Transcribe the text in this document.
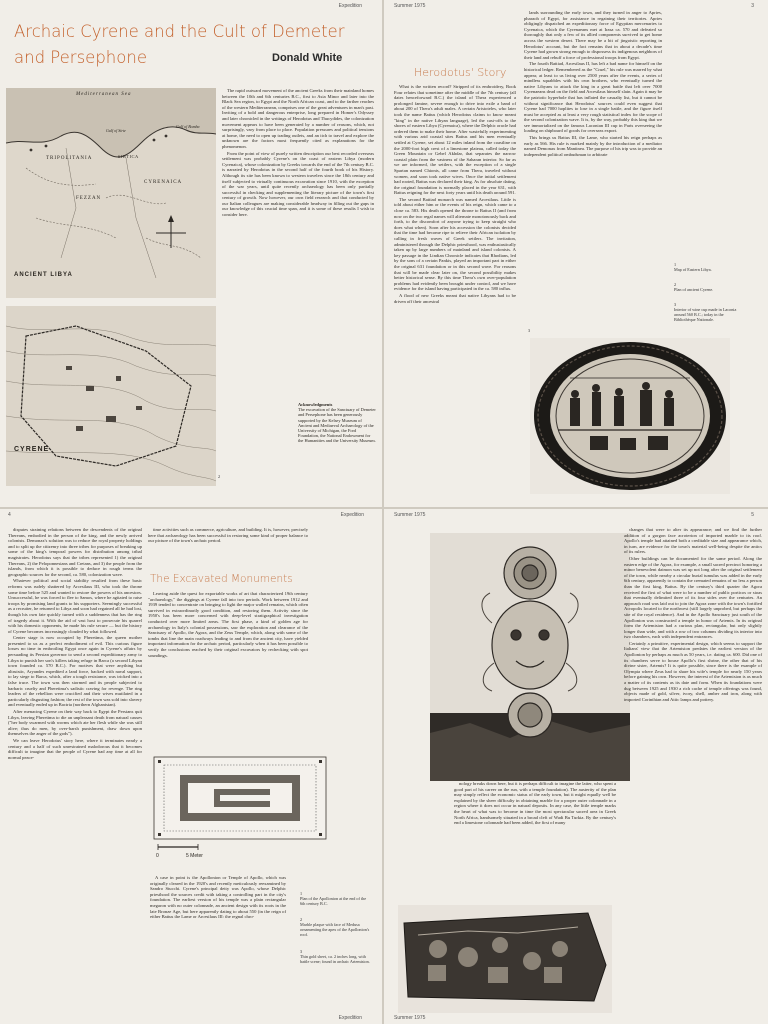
Expedition
Archaic Cyrene and the Cult of Demeter
and Persephone	Donald White
Mediterranean Sea
Gulf of Sirte
Gulf of Bomba
TRIPOLITANIA	SIRTICA
CYRENAICA
FEZZAN
ANCIENT LIBYA
CYRENE

The rapid outward movement of the ancient Greeks from their mainland homes between the 10th and 6th centuries B.C., first to Asia Minor and later into the Black Sea region, to Egypt and the North African coast, and to the farther reaches of the western Mediterranean, comprises one of the great adventures in man's past. Inviting of a bold and dangerous enterprise, long prepared in Homer's Odyssey and later chronicled in the writings of Herodotus and Thucydides, the colonization movement appears to have been generated by a number of reasons, which, not surprisingly, vary from place to place. Population pressures and political tensions at home, the need to open up trading outlets, and an itch to travel and explore the unknown are the factors most frequently cited as explanations for the phenomenon.

From the point of view of purely written description our best recorded overseas settlement was probably Cyrene's on the coast of eastern Libya (modern Cyrenaica), whose colonization by Greeks towards the end of the 7th century B.C. is narrated by Herodotus in the second half of the fourth book of his History. Although its site has been known to western travelers since the 18th century and itself subjected to virtually continuous excavation since 1910, with the exception of the war years, until quite recently archaeology has been only partially successful in checking and supplementing the literary picture of the town's first century of growth. Now however, our own field research and that conducted by our Italian colleagues are making considerable headway in filling out the gaps in our knowledge of this crucial time span, and it is some of these results I wish to consider here.

Acknowledgments
The excavation of the Sanctuary of Demeter and Persephone has been generously supported by the Kelsey Museum of Ancient and Mediaeval Archaeology of the University of Michigan, the Ford Foundation, the National Endowment for the Humanities and the University Museum.
2
Summer 1975	3
Herodotus' Story

What is the written record? Stripped of its embroidery, Book Four relates that sometime after the middle of the 7th century (all dates henceforward B.C.) the island of Thera experienced a prolonged famine, severe enough to drive into exile a band of about 200 of Thera's adult males. A certain Aristoteles, who later took the name Battus (which Herodotus claims to know meant "king" in the native Libyan language), led the cast-offs to the shores of eastern Libya (Cyrenaica), where the Delphic oracle had ordered them to make their home. After wastefully experimenting with various arid coastal sites Battus and his men eventually settled at Cyrene, set about 12 miles inland from the coastline on the 2000-foot high crest of a limestone plateau, called today the Green Mountain or Gebel Akhdar, that separates the narrow coastal plain from the vastness of the Saharan interior. So far as we are informed, the settlers, with the exception of a single Spartan named Chionis, all came from Thera, traveled without women, and soon took native wives. Once the initial settlement had rooted, Battus was declared their king. As for absolute dating, the original foundation is normally placed in the year 631, with Battus reigning for the next forty years until his death around 591.

The second Battiad monarch was named Arcesilaus. Little is told about either him or the events of his reign, which came to a close ca. 583. His death opened the throne to Battus II (and from now on the two regal names will alternate monotonously back and forth, to the discomfort of anyone trying to keep straight who does what when). Soon after his accession the colonists decided that the time had become ripe to relieve their African isolation by calling in fresh waves of Greek settlers. The invitation, administered through the Delphic priesthood, was enthusiastically taken up by large numbers of mainland and island colonists. A key passage in the Lindian Chronicle indicates that Rhodians, led by the sons of a certain Pankis, played an important part in either the original 631 foundation or in this second wave. For reasons that will be made clear later on, the second possibility makes better historical sense. By this time Thera's own over-population problems had evidently been brought under control, and we have evidence for the island having participated in the ca. 580 influx.

A flood of new Greeks meant that native Libyans had to be driven off their ancestral

lands surrounding the early town, and they turned in anger to Apries, pharaoh of Egypt, for assistance in regaining their territories. Apries obligingly dispatched an expeditionary force of Egyptian mercenaries to Cyrenaica, which the Cyrenaeans met at Irasa ca. 570 and defeated so thoroughly that only a few of its allied components survived to get home across the western desert. There may be a bit of jingoistic reporting in Herodotus' account, but the fact remains that in about a decade's time Cyrene had grown strong enough to dispossess its indigenous neighbors of their land and rebuff a force of professional troops from Egypt.

The fourth Battiad, Arcesilaus II, has left a bad name for himself on the historical ledger. Remembered as the "Cruel," his rule was marred by what appear, at least to us living over 2500 years after the events, a series of mindless squabbles with his own brothers, who eventually turned the native Libyans to attack the king in a great battle that left over 7000 Cyrenaeans dead on the field and Arcesilaus himself slain. Again it may be the patriotic hyperbole that has inflated the casualty list, but it cannot be without significance that Herodotus' sources could even suggest that Cyrene had 7000 hoplites to lose in a single battle, and the figure itself must be accepted as at least a very rough statistical index for the scope of the second colonization wave. It is, by the way, probably this king that we see immortalized on the famous Laconian III cup in Paris overseeing the loading on shipboard of goods for overseas export.

This brings us Battus III, the Lame, who started his reign perhaps as early as 566. His rule is marked mainly by the introduction of a mediator named Demonax from Mantinea. The purpose of his trip was to provide an independent political ombudsman to arbitrate

1
Map of Eastern Libya.
2
Plan of ancient Cyrene.
3
Interior of wine cup made in Laconia around 560 B.C.; today in the Bibliothèque Nationale.
3
4	Expedition

disputes straining relations between the descendents of the original Thereans, embodied in the person of the king, and the newly arrived colonists. Demonax's solution was to reduce the royal property holdings and to split up the citizenry into three tribes for purposes of breaking up some of the king's temporal powers for distribution among tribal magistrates. Herodotus says that the tribes represented 1) the original Thereans, 2) the Peloponnesians and Cretans, and 3) the people from the islands, from which it is possible to deduce in rough terms the geographic sources for the second, ca. 580, colonization wave.

Whatever political and social stability resulted from these basic reforms was rudely shattered by Arcesilaus III, who took the throne some time before 525 and wanted to restore the powers of his ancestors. Unsuccessful, he was forced to flee to Samos, where he agitated to raise troops by promising land grants to his supporters. Seemingly successful as a recruiter, he returned to Libya and soon had regained all he had lost, though his own fate quickly turned with a suddenness that has the ring of tragedy about it. With the aid of vast host to prosecute his quarrel with his domestic opponents, he made his rule secure — but the history of Cyrene becomes increasingly clouded by what followed.

Center stage is now occupied by Pheretima, the queen mother presented to us as a perfect embodiment of evil. This curious figure losses no time in embroiling Egypt once again in Cyrene's affairs by persuading its Persian governor to send a second expeditionary army to Libya to punish her son's killers taking refuge in Barca (a second Libyan town founded ca. 570 B.C.). For motives that were anything but altruistic, Aryandes expedited a land force, backed with naval support, to lay siege to Barca, which, after a tough resistance, was tricked into a false truce. The town was then stormed and its people subjected to barbaric cruelty and Pheretima's sadistic craving for revenge. The ring leaders of the rebellion were crucified and their wives mutilated in a particularly disgusting fashion; the rest of the town was sold into slavery and eventually ended up in Bactria (northern Afghanistan).

After menacing Cyrene on their way back to Egypt the Persians quit Libya, leaving Pheretima to die an unpleasant death from natural causes ("her body swarmed with worms which ate her flesh while she was still alive; thus do men, by over-harsh punishment, draw down upon themselves the anger of the gods").

We can leave Herodotus' story here, where it terminates nearly a century and a half of such unrestrained malodorous that it becomes difficult to imagine that the people of Cyrene had any time at all for normal peace-

time activities such as commerce, agriculture, and building. It is, however, precisely here that archaeology has been successful in restoring some kind of proper balance to our picture of the town's archaic period.

The Excavated Monuments

Leaving aside the quest for exportable works of art that characterized 19th century "archaeology," the diggings at Cyrene fall into two periods. Work between 1912 and 1939 tended to concentrate on bringing to light the major walled remains, which often survived in extraordinarily good condition, and restoring them. Activity since the 1950's has been more concerned with deep-level stratigraphical investigation conducted over more limited areas. The first phase, a kind of golden age for archaeology in Italy's colonial possessions, saw the exploration and clearance of the Sanctuary of Apollo, the Agora, and the Zeus Temple, which, along with some of the tombs that line the main roadways leading to and from the ancient city, have yielded important information for the archaic period, particularly when it has been possible to verify the conclusions reached by their original excavators by rechecking with spot soundings.

0	5 Meter

A case in point is the Apollonion or Temple of Apollo, which was originally cleared in the 1920's and recently meticulously reexamined by Sandro Stucchi. Cyrene's principal deity was Apollo, whose Delphic priesthood the sources credit with taking a controlling part in the city's foundation. The earliest version of his temple was a plain rectangular megaron with no outer colonnade, an ancient design with its roots in the late Bronze Age, but here apparently dating to about 550 (in the reign of either Battus the Lame or Arcesilaus III: the regnal chro-

1
Plan of the Apollonion at the end of the 6th century B.C.
2
Marble plaque with face of Medusa ornamenting the apex of the Apollonion's roof.
3
Thin gold sheet, ca. 2 inches long, with battle scene; found in archaic Artemision.
Expedition
Summer 1975	5

changes that were to alter its appearance; and we find the further addition of a gorgon face acroterion of imported marble to its roof. Apollo's temple had attained both a creditable size and appearance which, in turn, are evidence for the town's material well-being despite the antics of its rulers.

Other buildings can be documented for the same period. Along the eastern edge of the Agora, for example, a small sacred precinct honoring a minor benevolent daimon was set up not long after the original settlement of the town, while nearby a circular burial tumulus was added in the early 6th century, apparently to contain the cremated remains of no less a person than the first king, Battus. By the century's third quarter the Agora received the first of what were to be a number of public porticos or stoas that eventually delimited three of its four sides over the centuries. An approach road was laid out to join the Agora zone with the town's fortified Acropolis located to the northwest (still largely unprobed, but perhaps the site of the royal residence). And in the Apollo Sanctuary just south of the Apollonion was constructed a temple in honor of Artemis. In its original form the Artemision had a curious plan, rectangular, but only slightly longer than wide, and with a row of two columns dividing its interior into two chambers, each with independent entrances.

Certainly a primitive, experimental design, which seems to support the Italians' view that the Artemision predates the earliest version of the Apollonion by perhaps as much as 50 years, i.e. dating ca. 600. Did one of its chambers serve to house Apollo's first shrine, the other that of his divine sister, Artemis? It is quite possible, since there is the example of Olympia where Zeus had to share his wife's temple for nearly 150 years before gaining his own. However, the interest of the Artemision is as much a matter of its contents as its date and form. When its foundations were dug between 1925 and 1930 a rich cache of temple offerings was found, objects made of gold, silver, ivory, shell, amber and iron, along with imported Corinthian and Attic lamps and pottery.

nology breaks down here, but it is perhaps difficult to imagine the latter, who spent a good part of his career on the run, with a temple foundation). The austerity of the plan may simply reflect the economic status of the early town, but it might equally well be explained by the sheer difficulty in obtaining marble for a proper outer colonnade in a region where it does not occur in natural deposits. In any case, the little temple marks the heart of what was to become in time the most spectacular sacred area in Greek North Africa, handsomely situated in a broad cleft of Wadi Bu Turkia. By the century's end a limestone colonnade had been added, the first of many

Summer 1975
